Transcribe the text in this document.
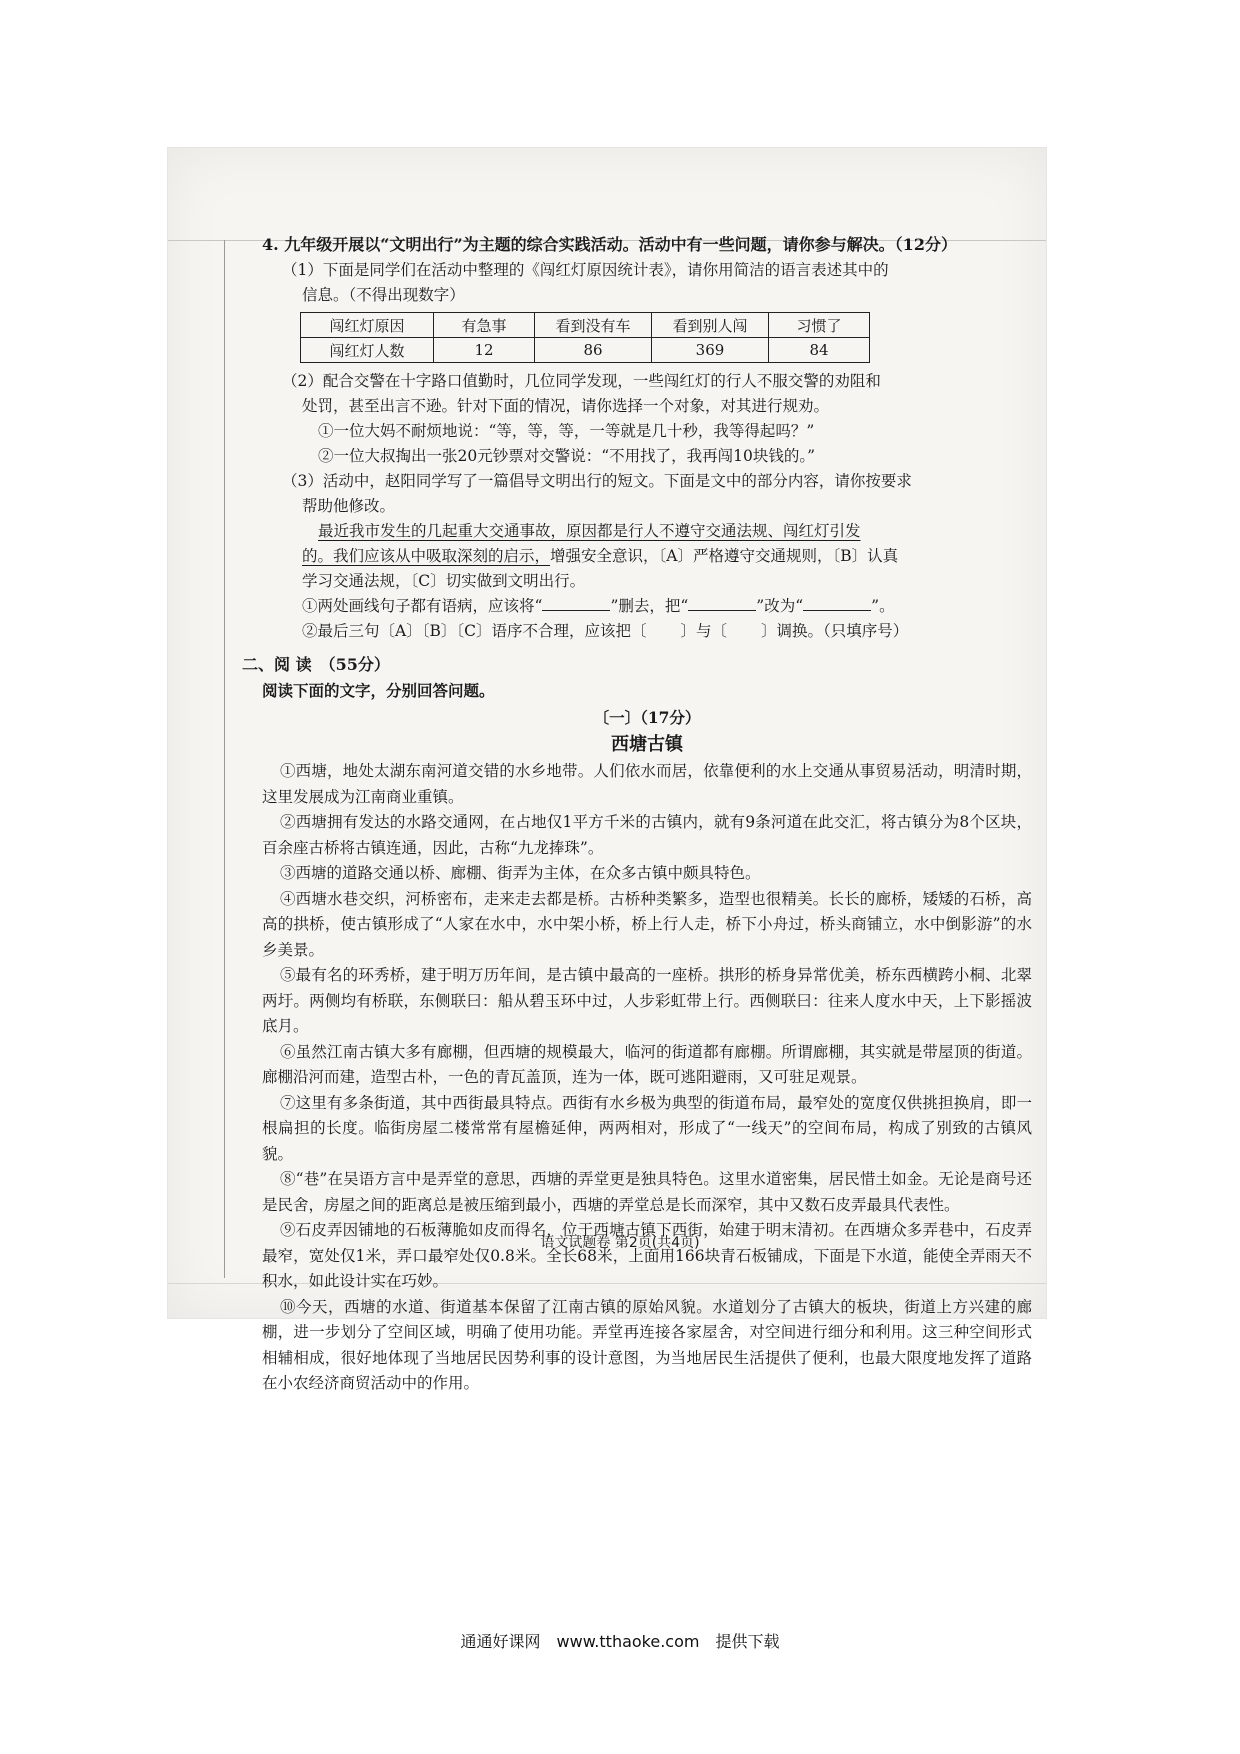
4. 九年级开展以“文明出行”为主题的综合实践活动。活动中有一些问题，请你参与解决。（12分）

（1）下面是同学们在活动中整理的《闯红灯原因统计表》，请你用简洁的语言表述其中的

信息。（不得出现数字）

闯红灯原因	有急事	看到没有车	看到别人闯	习惯了
闯红灯人数	12	86	369	84

（2）配合交警在十字路口值勤时，几位同学发现，一些闯红灯的行人不服交警的劝阻和

处罚，甚至出言不逊。针对下面的情况，请你选择一个对象，对其进行规劝。

①一位大妈不耐烦地说：“等，等，等，一等就是几十秒，我等得起吗？”

②一位大叔掏出一张20元钞票对交警说：“不用找了，我再闯10块钱的。”

（3）活动中，赵阳同学写了一篇倡导文明出行的短文。下面是文中的部分内容，请你按要求

帮助他修改。

最近我市发生的几起重大交通事故，原因都是行人不遵守交通法规、闯红灯引发

的。我们应该从中吸取深刻的启示，增强安全意识，〔A〕严格遵守交通规则，〔B〕认真

学习交通法规，〔C〕切实做到文明出行。

①两处画线句子都有语病，应该将“	”删去，把“	”改为“	”。

②最后三句〔A〕〔B〕〔C〕语序不合理，应该把〔 〕与〔 〕调换。（只填序号）

二、阅 读　（55分）

阅读下面的文字，分别回答问题。

〔一〕（17分）

西塘古镇

①西塘，地处太湖东南河道交错的水乡地带。人们依水而居，依靠便利的水上交通从事贸易活动，明清时期，这里发展成为江南商业重镇。

②西塘拥有发达的水路交通网，在占地仅1平方千米的古镇内，就有9条河道在此交汇，将古镇分为8个区块，百余座古桥将古镇连通，因此，古称“九龙捧珠”。

③西塘的道路交通以桥、廊棚、街弄为主体，在众多古镇中颇具特色。

④西塘水巷交织，河桥密布，走来走去都是桥。古桥种类繁多，造型也很精美。长长的廊桥，矮矮的石桥，高高的拱桥，使古镇形成了“人家在水中，水中架小桥，桥上行人走，桥下小舟过，桥头商铺立，水中倒影游”的水乡美景。

⑤最有名的环秀桥，建于明万历年间，是古镇中最高的一座桥。拱形的桥身异常优美，桥东西横跨小桐、北翠两圩。两侧均有桥联，东侧联曰：船从碧玉环中过，人步彩虹带上行。西侧联曰：往来人度水中天，上下影摇波底月。

⑥虽然江南古镇大多有廊棚，但西塘的规模最大，临河的街道都有廊棚。所谓廊棚，其实就是带屋顶的街道。廊棚沿河而建，造型古朴，一色的青瓦盖顶，连为一体，既可逃阳避雨，又可驻足观景。

⑦这里有多条街道，其中西街最具特点。西街有水乡极为典型的街道布局，最窄处的宽度仅供挑担换肩，即一根扁担的长度。临街房屋二楼常常有屋檐延伸，两两相对，形成了“一线天”的空间布局，构成了别致的古镇风貌。

⑧“巷”在吴语方言中是弄堂的意思，西塘的弄堂更是独具特色。这里水道密集，居民惜土如金。无论是商号还是民舍，房屋之间的距离总是被压缩到最小，西塘的弄堂总是长而深窄，其中又数石皮弄最具代表性。

⑨石皮弄因铺地的石板薄脆如皮而得名，位于西塘古镇下西街，始建于明末清初。在西塘众多弄巷中，石皮弄最窄，宽处仅1米，弄口最窄处仅0.8米。全长68米，上面用166块青石板铺成，下面是下水道，能使全弄雨天不积水，如此设计实在巧妙。

⑩今天，西塘的水道、街道基本保留了江南古镇的原始风貌。水道划分了古镇大的板块，街道上方兴建的廊棚，进一步划分了空间区域，明确了使用功能。弄堂再连接各家屋舍，对空间进行细分和利用。这三种空间形式相辅相成，很好地体现了当地居民因势利事的设计意图，为当地居民生活提供了便利，也最大限度地发挥了道路在小农经济商贸活动中的作用。

语文试题卷 第2页(共4页)
通通好课网　www.tthaoke.com　提供下载
